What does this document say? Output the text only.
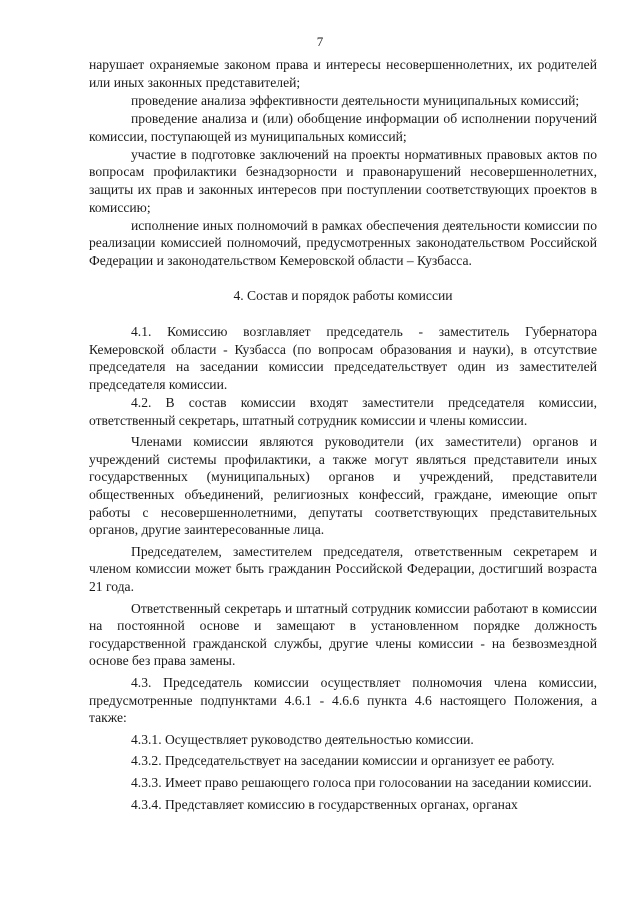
7

нарушает охраняемые законом права и интересы несовершеннолетних, их родителей или иных законных представителей;

проведение анализа эффективности деятельности муниципальных комиссий;

проведение анализа и (или) обобщение информации об исполнении поручений комиссии, поступающей из муниципальных комиссий;

участие в подготовке заключений на проекты нормативных правовых актов по вопросам профилактики безнадзорности и правонарушений несовершеннолетних, защиты их прав и законных интересов при поступлении соответствующих проектов в комиссию;

исполнение иных полномочий в рамках обеспечения деятельности комиссии по реализации комиссией полномочий, предусмотренных законодательством Российской Федерации и законодательством Кемеровской области – Кузбасса.

4. Состав и порядок работы комиссии

4.1. Комиссию возглавляет председатель - заместитель Губернатора Кемеровской области - Кузбасса (по вопросам образования и науки), в отсутствие председателя на заседании комиссии председательствует один из заместителей председателя комиссии.

4.2. В состав комиссии входят заместители председателя комиссии, ответственный секретарь, штатный сотрудник комиссии и члены комиссии.

Членами комиссии являются руководители (их заместители) органов и учреждений системы профилактики, а также могут являться представители иных государственных (муниципальных) органов и учреждений, представители общественных объединений, религиозных конфессий, граждане, имеющие опыт работы с несовершеннолетними, депутаты соответствующих представительных органов, другие заинтересованные лица.

Председателем, заместителем председателя, ответственным секретарем и членом комиссии может быть гражданин Российской Федерации, достигший возраста 21 года.

Ответственный секретарь и штатный сотрудник комиссии работают в комиссии на постоянной основе и замещают в установленном порядке должность государственной гражданской службы, другие члены комиссии - на безвозмездной основе без права замены.

4.3. Председатель комиссии осуществляет полномочия члена комиссии, предусмотренные подпунктами 4.6.1 - 4.6.6 пункта 4.6 настоящего Положения, а также:

4.3.1. Осуществляет руководство деятельностью комиссии.

4.3.2. Председательствует на заседании комиссии и организует ее работу.

4.3.3. Имеет право решающего голоса при голосовании на заседании комиссии.

4.3.4. Представляет комиссию в государственных органах, органах
